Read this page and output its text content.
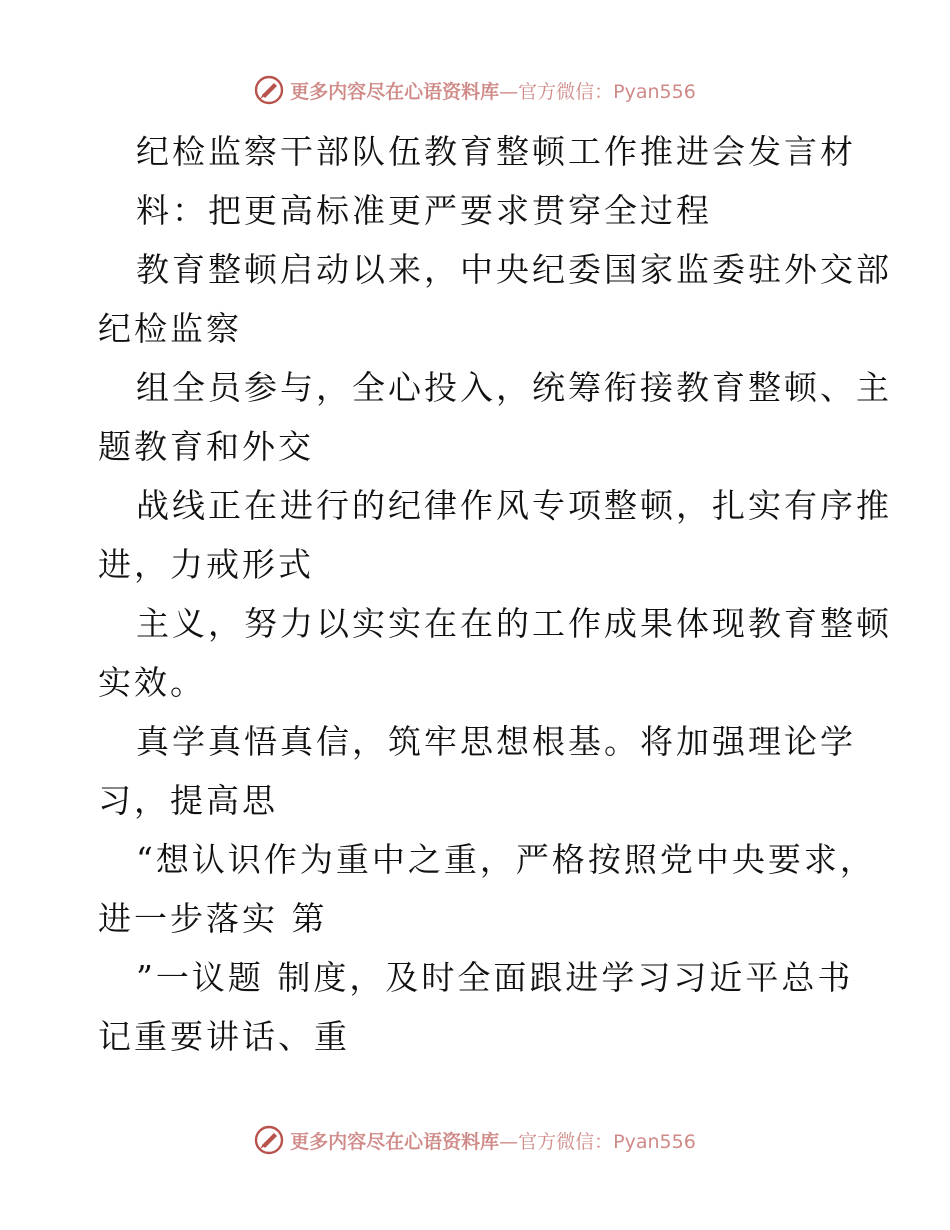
更多内容尽在心语资料库—官方微信：Pyan556
纪检监察干部队伍教育整顿工作推进会发言材
料：把更高标准更严要求贯穿全过程
教育整顿启动以来，中央纪委国家监委驻外交部
纪检监察
组全员参与，全心投入，统筹衔接教育整顿、主
题教育和外交
战线正在进行的纪律作风专项整顿，扎实有序推
进，力戒形式
主义，努力以实实在在的工作成果体现教育整顿
实效。
真学真悟真信，筑牢思想根基。将加强理论学
习，提高思
“想认识作为重中之重，严格按照党中央要求，
进一步落实 第
”一议题 制度，及时全面跟进学习习近平总书
记重要讲话、重
更多内容尽在心语资料库—官方微信：Pyan556
